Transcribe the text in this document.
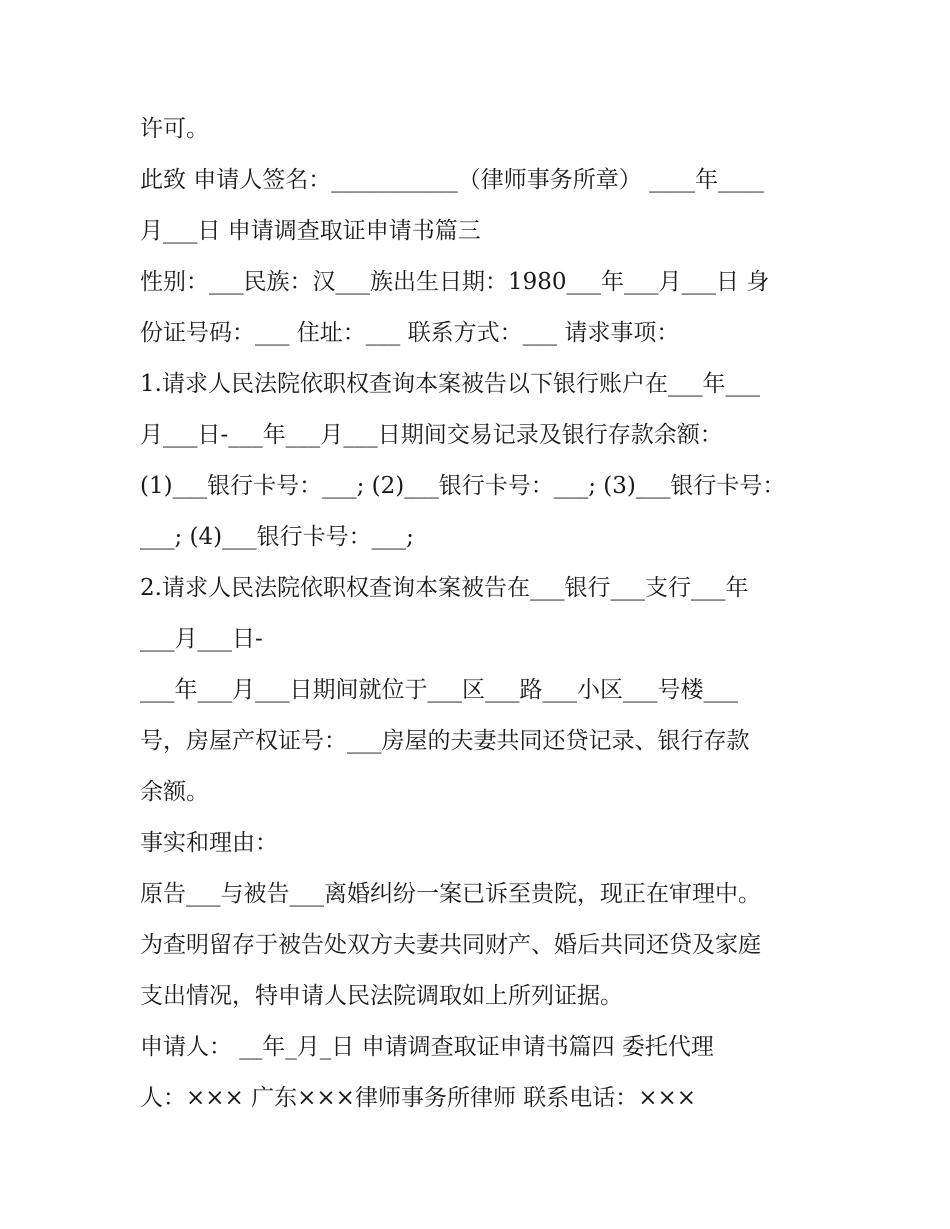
许可。
此致 申请人签名：___________（律师事务所章） ____年____
月___日 申请调查取证申请书篇三
性别：___民族：汉___族出生日期：1980___年___月___日 身
份证号码：___ 住址：___ 联系方式：___ 请求事项：
1.请求人民法院依职权查询本案被告以下银行账户在___年___
月___日-___年___月___日期间交易记录及银行存款余额：
(1)___银行卡号：___; (2)___银行卡号：___; (3)___银行卡号：
___; (4)___银行卡号：___;
2.请求人民法院依职权查询本案被告在___银行___支行___年
___月___日-
___年___月___日期间就位于___区___路___小区___号楼___
号，房屋产权证号：___房屋的夫妻共同还贷记录、银行存款
余额。
事实和理由：
原告___与被告___离婚纠纷一案已诉至贵院，现正在审理中。
为查明留存于被告处双方夫妻共同财产、婚后共同还贷及家庭
支出情况，特申请人民法院调取如上所列证据。
申请人： __年_月_日 申请调查取证申请书篇四 委托代理
人：××× 广东×××律师事务所律师 联系电话：×××
